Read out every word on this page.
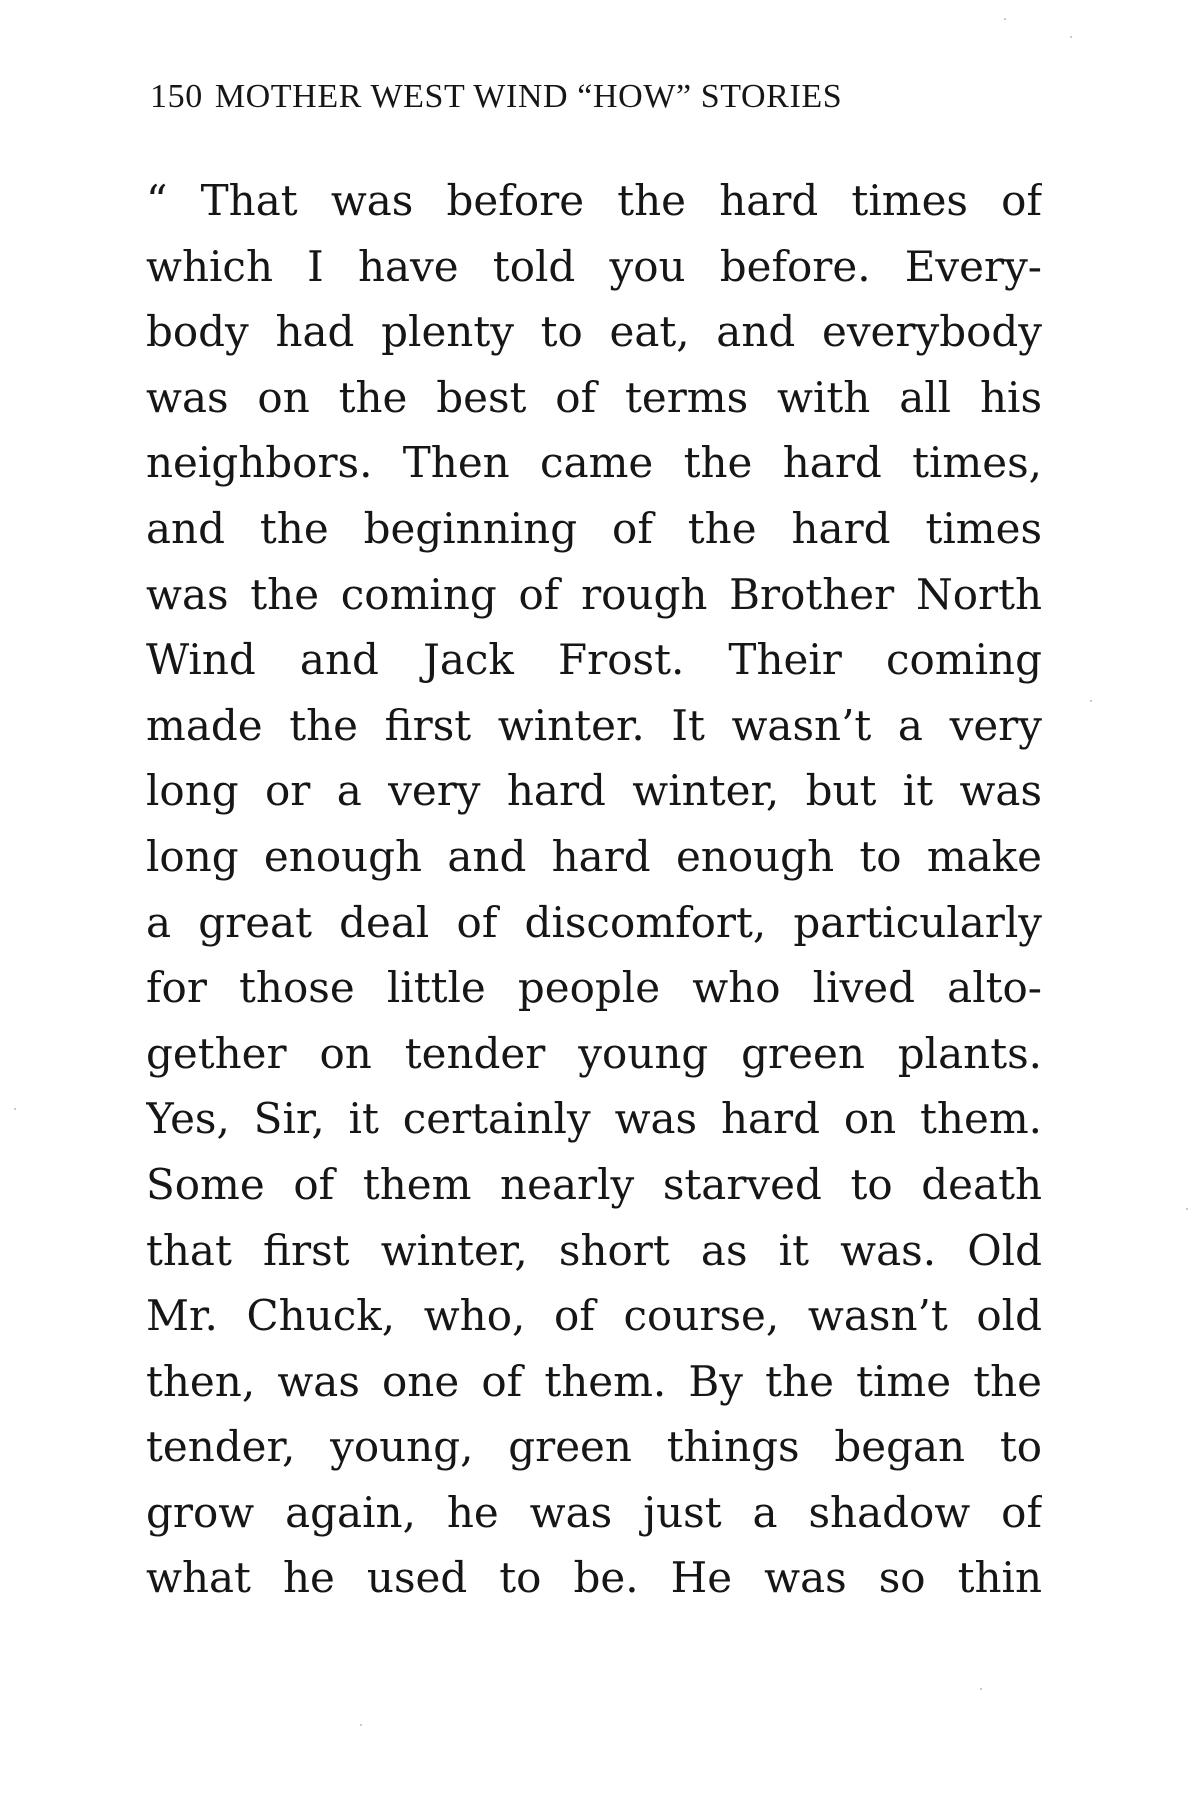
150 MOTHER WEST WIND “HOW” STORIES
“ That was before the hard times of
which I have told you before. Every-
body had plenty to eat, and everybody
was on the best of terms with all his
neighbors. Then came the hard times,
and the beginning of the hard times
was the coming of rough Brother North
Wind and Jack Frost. Their coming
made the first winter. It wasn’t a very
long or a very hard winter, but it was
long enough and hard enough to make
a great deal of discomfort, particularly
for those little people who lived alto-
gether on tender young green plants.
Yes, Sir, it certainly was hard on them.
Some of them nearly starved to death
that first winter, short as it was. Old
Mr. Chuck, who, of course, wasn’t old
then, was one of them. By the time the
tender, young, green things began to
grow again, he was just a shadow of
what he used to be. He was so thin
